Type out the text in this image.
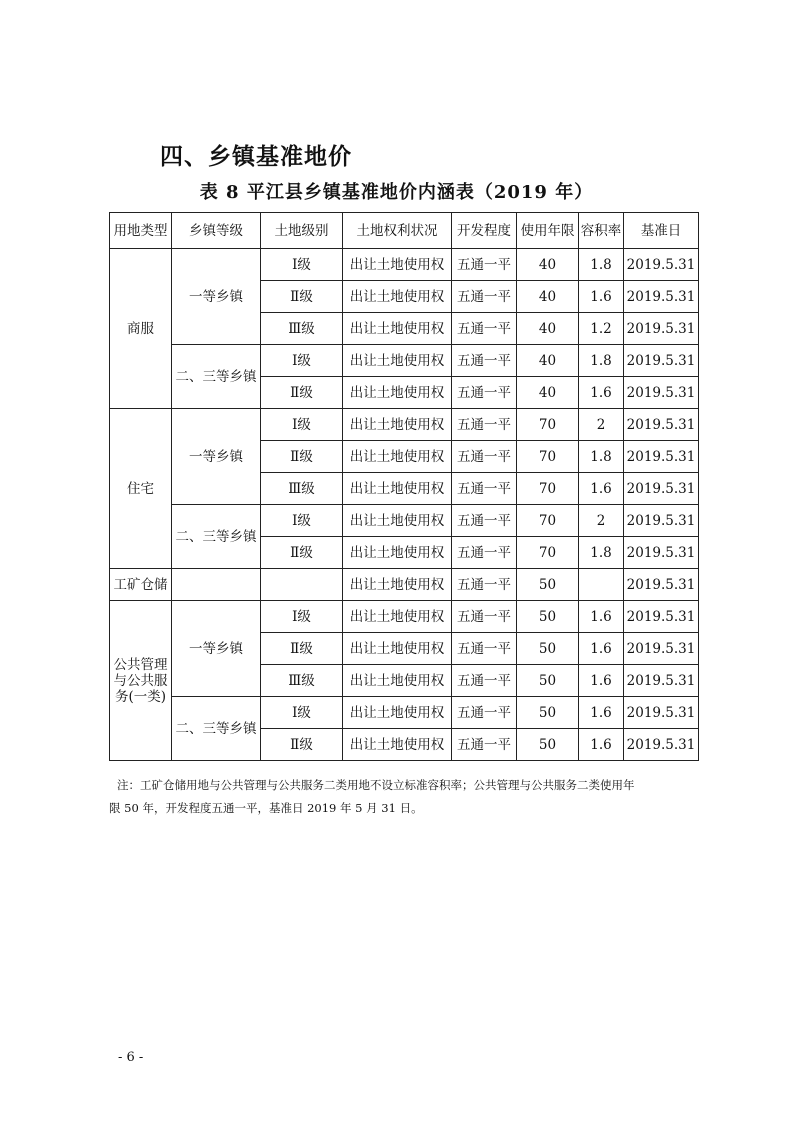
四、乡镇基准地价
表 8 平江县乡镇基准地价内涵表（2019 年）
用地类型	乡镇等级	土地级别	土地权利状况	开发程度	使用年限	容积率	基准日
商服	一等乡镇	Ⅰ级	出让土地使用权	五通一平	40	1.8	2019.5.31
		Ⅱ级	出让土地使用权	五通一平	40	1.6	2019.5.31
		Ⅲ级	出让土地使用权	五通一平	40	1.2	2019.5.31
	二、三等乡镇	Ⅰ级	出让土地使用权	五通一平	40	1.8	2019.5.31
		Ⅱ级	出让土地使用权	五通一平	40	1.6	2019.5.31
住宅	一等乡镇	Ⅰ级	出让土地使用权	五通一平	70	2	2019.5.31
		Ⅱ级	出让土地使用权	五通一平	70	1.8	2019.5.31
		Ⅲ级	出让土地使用权	五通一平	70	1.6	2019.5.31
	二、三等乡镇	Ⅰ级	出让土地使用权	五通一平	70	2	2019.5.31
		Ⅱ级	出让土地使用权	五通一平	70	1.8	2019.5.31
工矿仓储			出让土地使用权	五通一平	50		2019.5.31
公共管理与公共服务(一类)	一等乡镇	Ⅰ级	出让土地使用权	五通一平	50	1.6	2019.5.31
		Ⅱ级	出让土地使用权	五通一平	50	1.6	2019.5.31
		Ⅲ级	出让土地使用权	五通一平	50	1.6	2019.5.31
	二、三等乡镇	Ⅰ级	出让土地使用权	五通一平	50	1.6	2019.5.31
		Ⅱ级	出让土地使用权	五通一平	50	1.6	2019.5.31
注：工矿仓储用地与公共管理与公共服务二类用地不设立标准容积率；公共管理与公共服务二类使用年
限 50 年，开发程度五通一平，基准日 2019 年 5 月 31 日。
- 6 -
